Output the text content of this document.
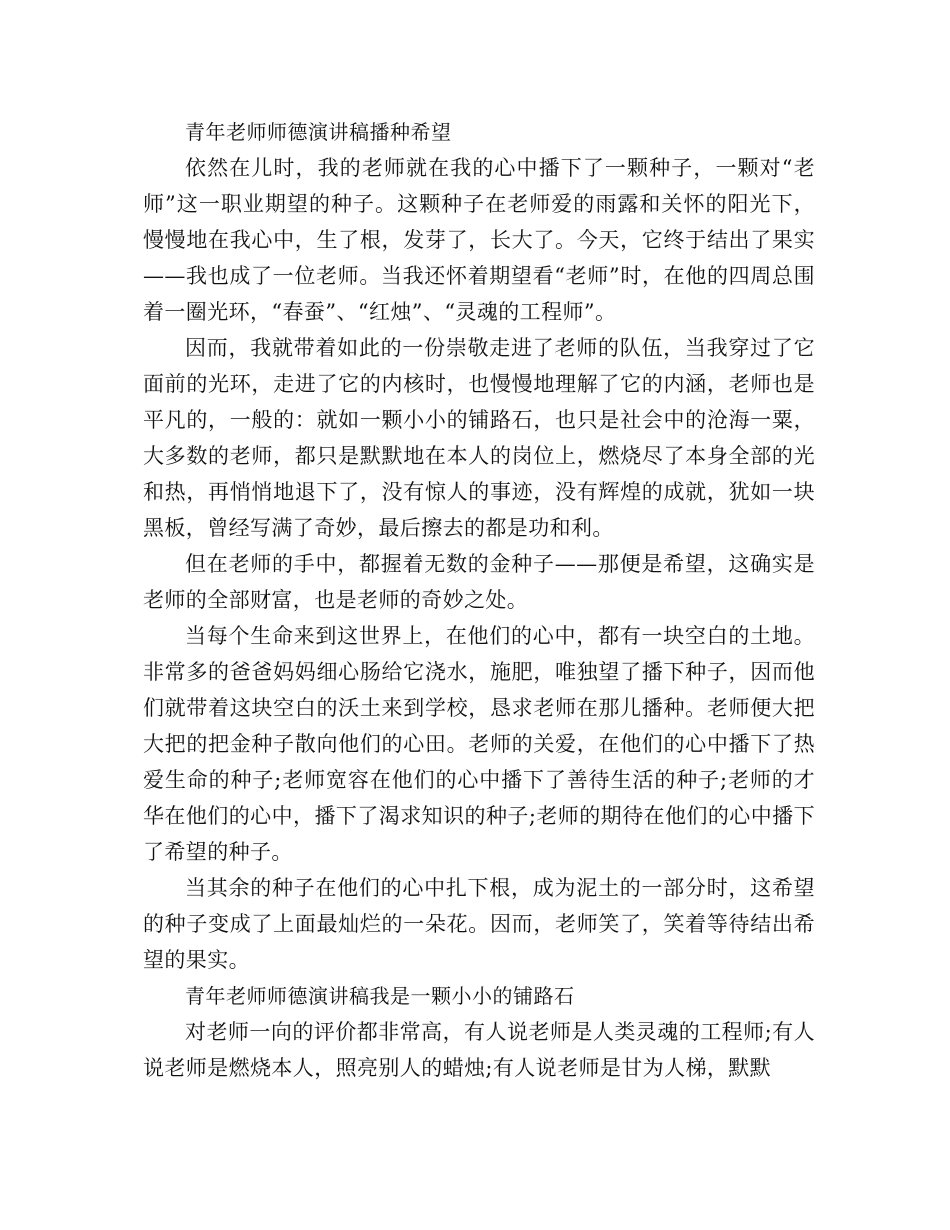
青年老师师德演讲稿播种希望

依然在儿时，我的老师就在我的心中播下了一颗种子，一颗对“老师”这一职业期望的种子。这颗种子在老师爱的雨露和关怀的阳光下，慢慢地在我心中，生了根，发芽了，长大了。今天，它终于结出了果实——我也成了一位老师。当我还怀着期望看“老师”时，在他的四周总围着一圈光环，“春蚕”、“红烛”、“灵魂的工程师”。

因而，我就带着如此的一份崇敬走进了老师的队伍，当我穿过了它面前的光环，走进了它的内核时，也慢慢地理解了它的内涵，老师也是平凡的，一般的：就如一颗小小的铺路石，也只是社会中的沧海一粟，大多数的老师，都只是默默地在本人的岗位上，燃烧尽了本身全部的光和热，再悄悄地退下了，没有惊人的事迹，没有辉煌的成就，犹如一块黑板，曾经写满了奇妙，最后擦去的都是功和利。

但在老师的手中，都握着无数的金种子——那便是希望，这确实是老师的全部财富，也是老师的奇妙之处。

当每个生命来到这世界上，在他们的心中，都有一块空白的土地。非常多的爸爸妈妈细心肠给它浇水，施肥，唯独望了播下种子，因而他们就带着这块空白的沃土来到学校，恳求老师在那儿播种。老师便大把大把的把金种子散向他们的心田。老师的关爱，在他们的心中播下了热爱生命的种子;老师宽容在他们的心中播下了善待生活的种子;老师的才华在他们的心中，播下了渴求知识的种子;老师的期待在他们的心中播下了希望的种子。

当其余的种子在他们的心中扎下根，成为泥土的一部分时，这希望的种子变成了上面最灿烂的一朵花。因而，老师笑了，笑着等待结出希望的果实。

青年老师师德演讲稿我是一颗小小的铺路石

对老师一向的评价都非常高，有人说老师是人类灵魂的工程师;有人说老师是燃烧本人，照亮别人的蜡烛;有人说老师是甘为人梯，默默
